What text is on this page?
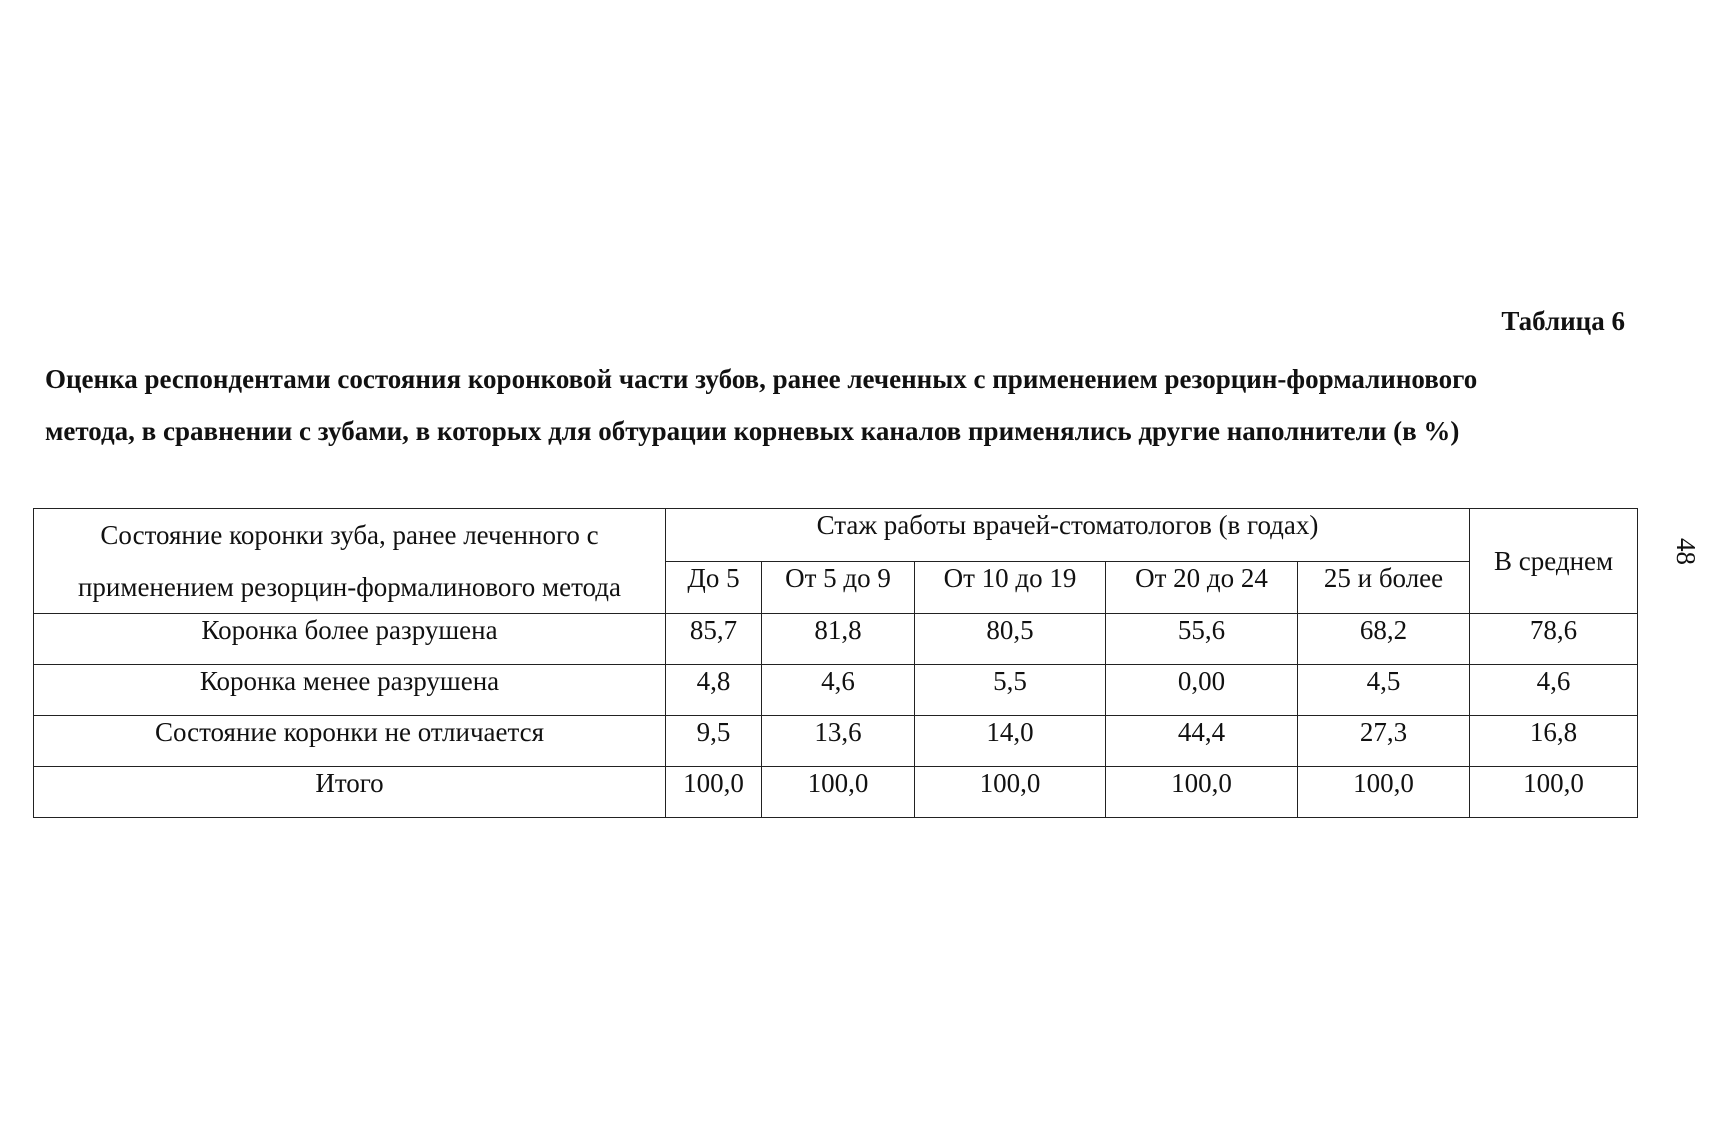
Таблица 6
Оценка респондентами состояния коронковой части зубов, ранее леченных с применением резорцин-формалинового
метода, в сравнении с зубами, в которых для обтурации корневых каналов применялись другие наполнители (в %)
48
Состояние коронки зуба, ранее леченного с
применением резорцин-формалинового метода	Стаж работы врачей-стоматологов (в годах)					В среднем
	До 5	От 5 до 9	От 10 до 19	От 20 до 24	25 и более	
Коронка более разрушена	85,7	81,8	80,5	55,6	68,2	78,6
Коронка менее разрушена	4,8	4,6	5,5	0,00	4,5	4,6
Состояние коронки не отличается	9,5	13,6	14,0	44,4	27,3	16,8
Итого	100,0	100,0	100,0	100,0	100,0	100,0
